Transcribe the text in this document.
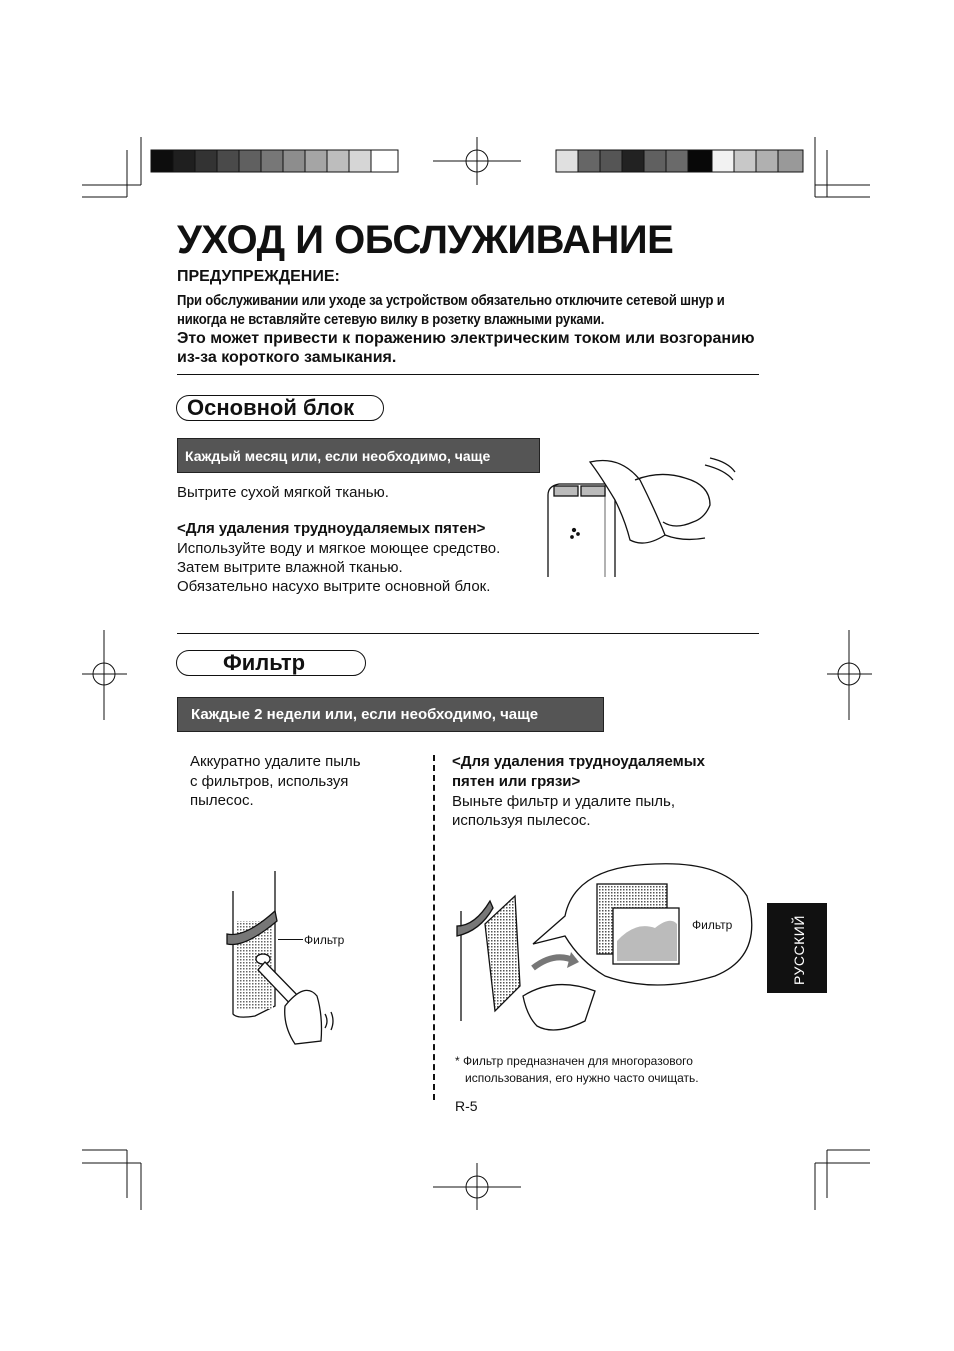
УХОД И ОБСЛУЖИВАНИЕ
ПРЕДУПРЕЖДЕНИЕ:
При обслуживании или уходе за устройством обязательно отключите сетевой шнур и никогда не вставляйте сетевую вилку в розетку влажными руками.
Это может привести к поражению электрическим током или возгоранию из-за короткого замыкания.
Основной блок
Каждый месяц или, если необходимо, чаще
Вытрите сухой мягкой тканью.
<Для удаления трудноудаляемых пятен>
Используйте воду и мягкое моющее средство.
Затем вытрите влажной тканью.
Обязательно насухо вытрите основной блок.
Фильтр
Каждые 2 недели или, если необходимо, чаще
Аккуратно удалите пыль
с фильтров, используя
пылесос.
<Для удаления трудноудаляемых
пятен или грязи>
Выньте фильтр и удалите пыль,
используя пылесос.
Фильтр
Фильтр
* Фильтр предназначен для многоразового
использования, его нужно часто очищать.
R-5
РУССКИЙ
